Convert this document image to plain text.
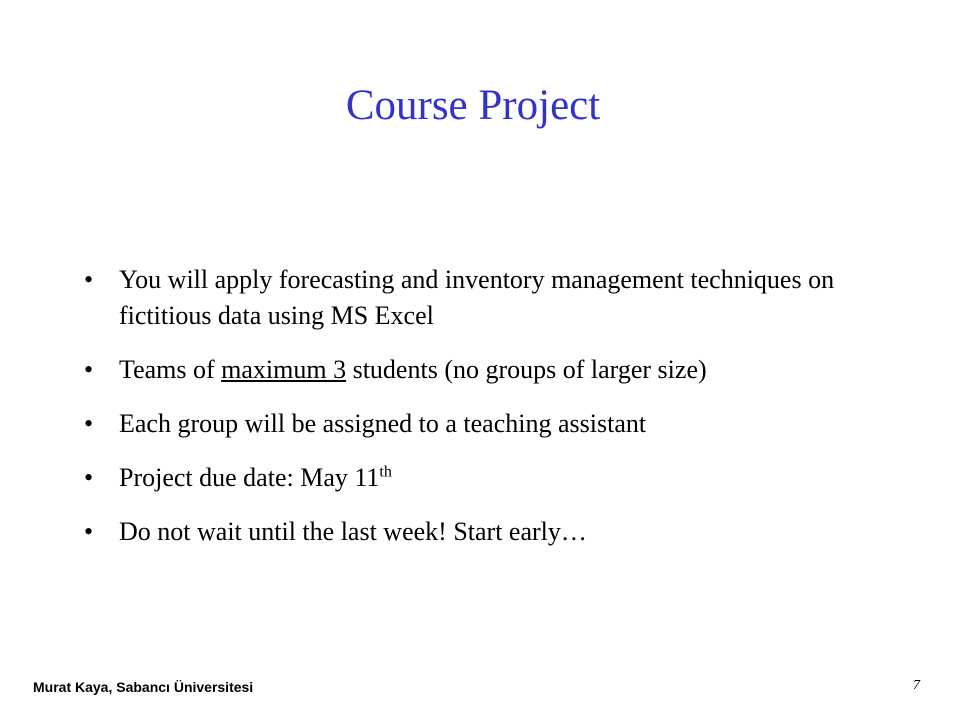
Course Project
• You will apply forecasting and inventory management techniques on fictitious data using MS Excel
• Teams of maximum 3 students (no groups of larger size)
• Each group will be assigned to a teaching assistant
• Project due date: May 11th
• Do not wait until the last week! Start early…
Murat Kaya, Sabancı Üniversitesi	7
